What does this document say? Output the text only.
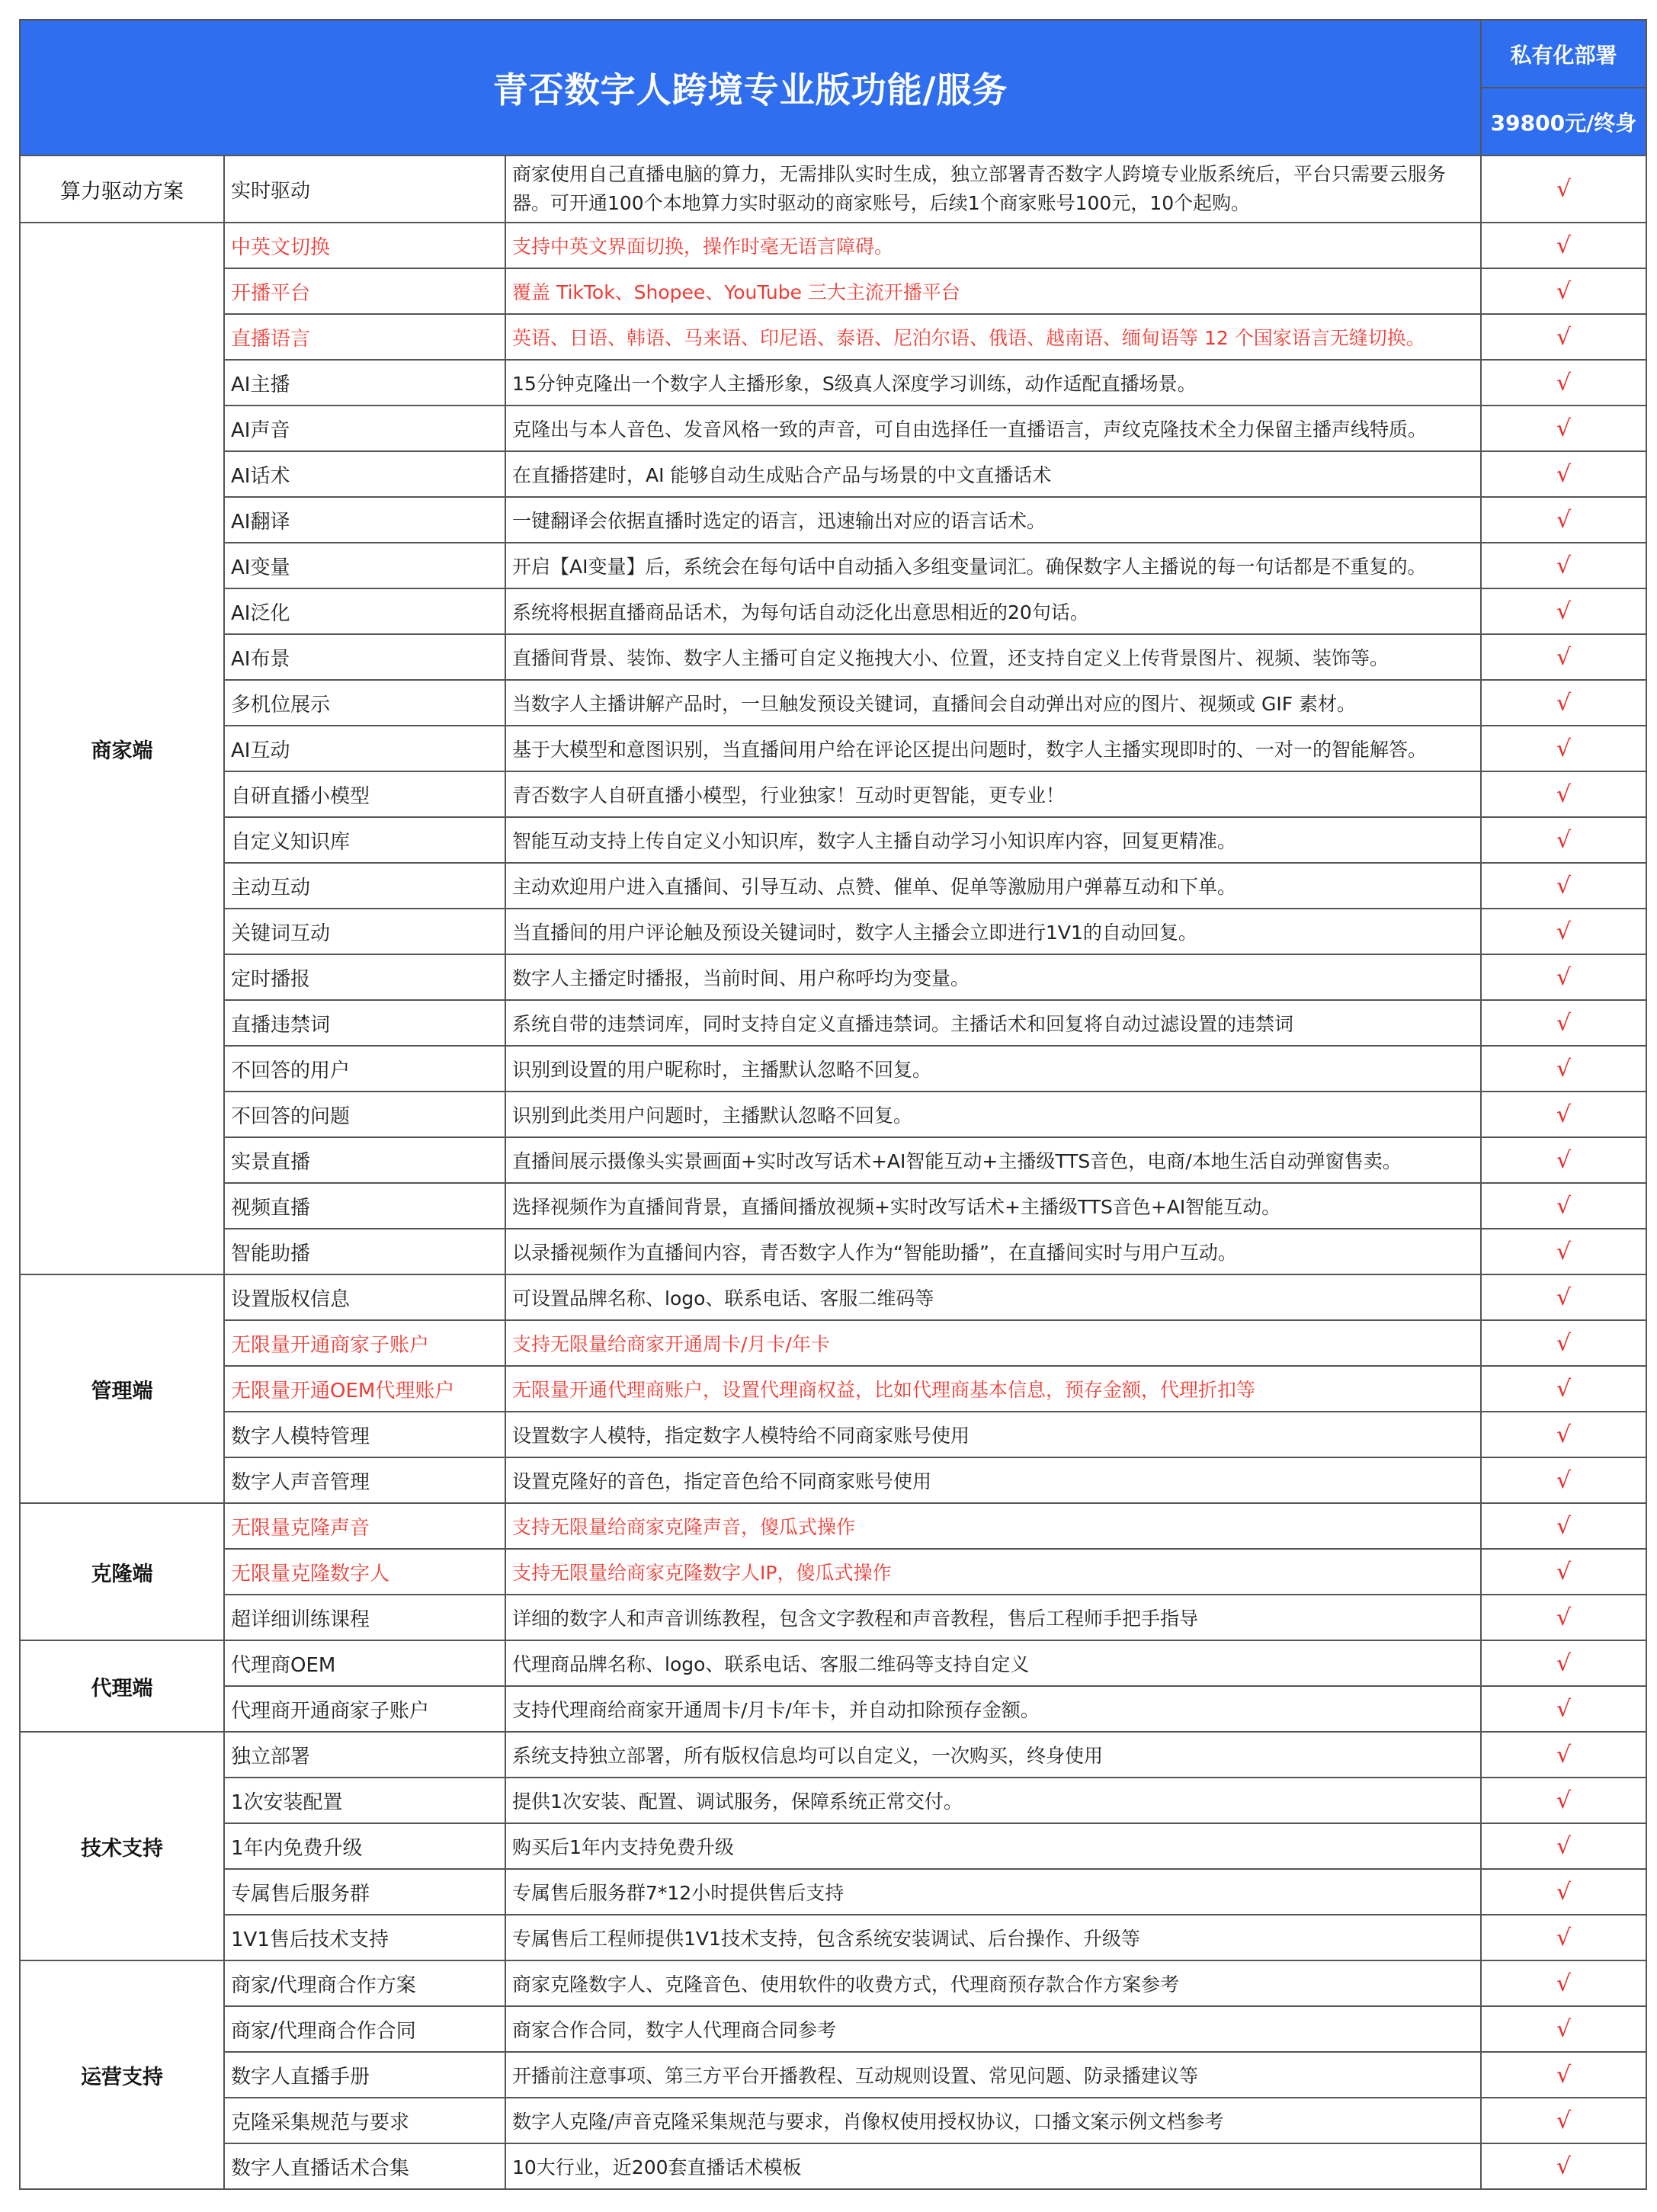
青否数字人跨境专业版功能/服务			私有化部署
			39800元/终身
算力驱动方案	实时驱动	商家使用自己直播电脑的算力，无需排队实时生成，独立部署青否数字人跨境专业版系统后，平台只需要云服务器。可开通100个本地算力实时驱动的商家账号，后续1个商家账号100元，10个起购。	√
商家端	中英文切换	支持中英文界面切换，操作时毫无语言障碍。	√
	开播平台	覆盖 TikTok、Shopee、YouTube 三大主流开播平台	√
	直播语言	英语、日语、韩语、马来语、印尼语、泰语、尼泊尔语、俄语、越南语、缅甸语等 12 个国家语言无缝切换。	√
	AI主播	15分钟克隆出一个数字人主播形象，S级真人深度学习训练，动作适配直播场景。	√
	AI声音	克隆出与本人音色、发音风格一致的声音，可自由选择任一直播语言，声纹克隆技术全力保留主播声线特质。	√
	AI话术	在直播搭建时，AI 能够自动生成贴合产品与场景的中文直播话术	√
	AI翻译	一键翻译会依据直播时选定的语言，迅速输出对应的语言话术。	√
	AI变量	开启【AI变量】后，系统会在每句话中自动插入多组变量词汇。确保数字人主播说的每一句话都是不重复的。	√
	AI泛化	系统将根据直播商品话术，为每句话自动泛化出意思相近的20句话。	√
	AI布景	直播间背景、装饰、数字人主播可自定义拖拽大小、位置，还支持自定义上传背景图片、视频、装饰等。	√
	多机位展示	当数字人主播讲解产品时，一旦触发预设关键词，直播间会自动弹出对应的图片、视频或 GIF 素材。	√
	AI互动	基于大模型和意图识别，当直播间用户给在评论区提出问题时，数字人主播实现即时的、一对一的智能解答。	√
	自研直播小模型	青否数字人自研直播小模型，行业独家！互动时更智能，更专业！	√
	自定义知识库	智能互动支持上传自定义小知识库，数字人主播自动学习小知识库内容，回复更精准。	√
	主动互动	主动欢迎用户进入直播间、引导互动、点赞、催单、促单等激励用户弹幕互动和下单。	√
	关键词互动	当直播间的用户评论触及预设关键词时，数字人主播会立即进行1V1的自动回复。	√
	定时播报	数字人主播定时播报，当前时间、用户称呼均为变量。	√
	直播违禁词	系统自带的违禁词库，同时支持自定义直播违禁词。主播话术和回复将自动过滤设置的违禁词	√
	不回答的用户	识别到设置的用户昵称时，主播默认忽略不回复。	√
	不回答的问题	识别到此类用户问题时，主播默认忽略不回复。	√
	实景直播	直播间展示摄像头实景画面+实时改写话术+AI智能互动+主播级TTS音色，电商/本地生活自动弹窗售卖。	√
	视频直播	选择视频作为直播间背景，直播间播放视频+实时改写话术+主播级TTS音色+AI智能互动。	√
	智能助播	以录播视频作为直播间内容，青否数字人作为“智能助播”，在直播间实时与用户互动。	√
管理端	设置版权信息	可设置品牌名称、logo、联系电话、客服二维码等	√
	无限量开通商家子账户	支持无限量给商家开通周卡/月卡/年卡	√
	无限量开通OEM代理账户	无限量开通代理商账户，设置代理商权益，比如代理商基本信息，预存金额，代理折扣等	√
	数字人模特管理	设置数字人模特，指定数字人模特给不同商家账号使用	√
	数字人声音管理	设置克隆好的音色，指定音色给不同商家账号使用	√
克隆端	无限量克隆声音	支持无限量给商家克隆声音，傻瓜式操作	√
	无限量克隆数字人	支持无限量给商家克隆数字人IP，傻瓜式操作	√
	超详细训练课程	详细的数字人和声音训练教程，包含文字教程和声音教程，售后工程师手把手指导	√
代理端	代理商OEM	代理商品牌名称、logo、联系电话、客服二维码等支持自定义	√
	代理商开通商家子账户	支持代理商给商家开通周卡/月卡/年卡，并自动扣除预存金额。	√
技术支持	独立部署	系统支持独立部署，所有版权信息均可以自定义，一次购买，终身使用	√
	1次安装配置	提供1次安装、配置、调试服务，保障系统正常交付。	√
	1年内免费升级	购买后1年内支持免费升级	√
	专属售后服务群	专属售后服务群7*12小时提供售后支持	√
	1V1售后技术支持	专属售后工程师提供1V1技术支持，包含系统安装调试、后台操作、升级等	√
运营支持	商家/代理商合作方案	商家克隆数字人、克隆音色、使用软件的收费方式，代理商预存款合作方案参考	√
	商家/代理商合作合同	商家合作合同，数字人代理商合同参考	√
	数字人直播手册	开播前注意事项、第三方平台开播教程、互动规则设置、常见问题、防录播建议等	√
	克隆采集规范与要求	数字人克隆/声音克隆采集规范与要求，肖像权使用授权协议，口播文案示例文档参考	√
	数字人直播话术合集	10大行业，近200套直播话术模板	√
